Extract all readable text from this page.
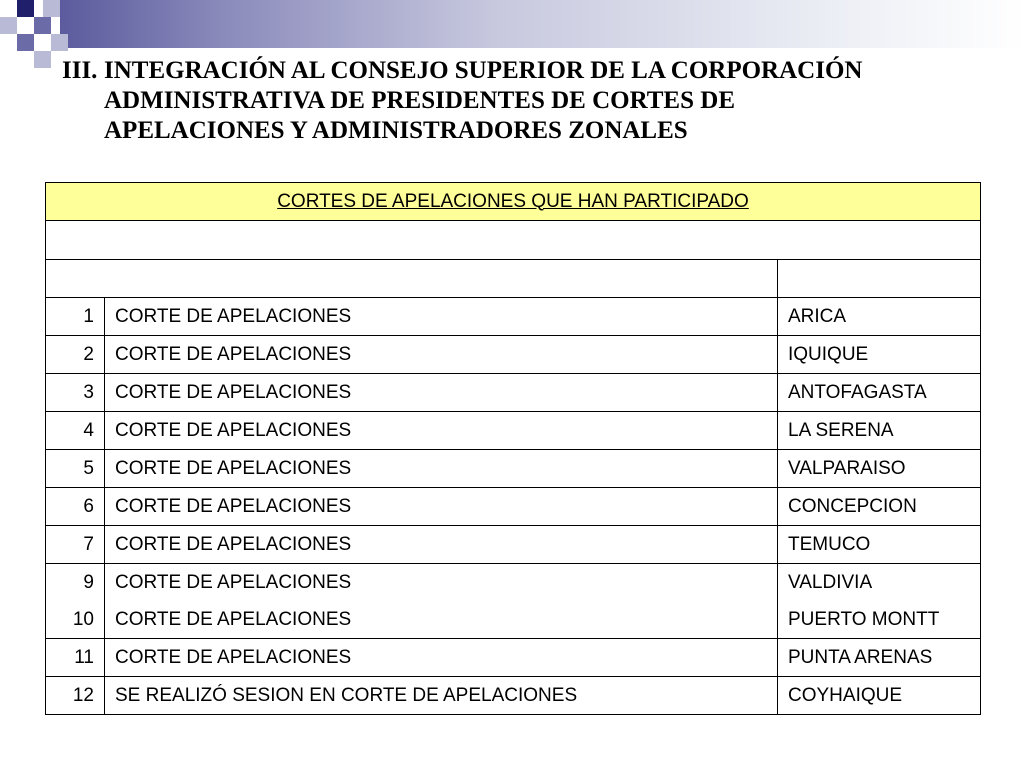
III. INTEGRACIÓN AL CONSEJO SUPERIOR DE LA CORPORACIÓN
ADMINISTRATIVA DE PRESIDENTES DE CORTES DE
APELACIONES Y ADMINISTRADORES ZONALES
CORTES DE APELACIONES QUE HAN PARTICIPADO		

1	CORTE DE APELACIONES	ARICA
2	CORTE DE APELACIONES	IQUIQUE
3	CORTE DE APELACIONES	ANTOFAGASTA
4	CORTE DE APELACIONES	LA SERENA
5	CORTE DE APELACIONES	VALPARAISO
6	CORTE DE APELACIONES	CONCEPCION
7	CORTE DE APELACIONES	TEMUCO
9	CORTE DE APELACIONES	VALDIVIA
10	CORTE DE APELACIONES	PUERTO MONTT
11	CORTE DE APELACIONES	PUNTA ARENAS
12	SE REALIZÓ SESION EN CORTE DE APELACIONES	COYHAIQUE
